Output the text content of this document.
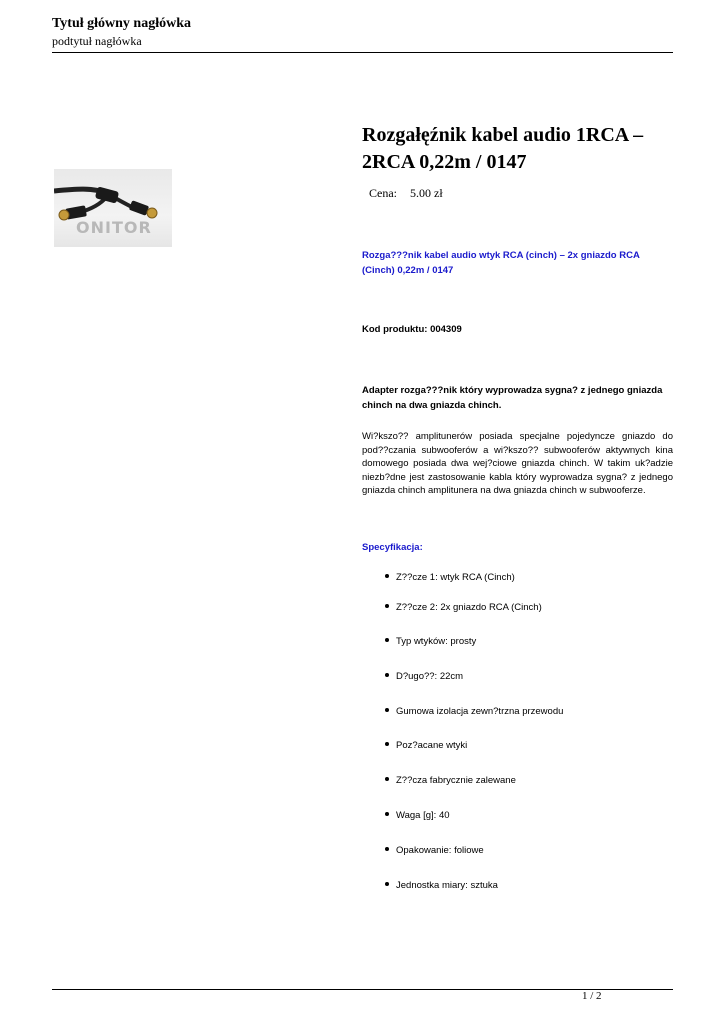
Tytuł główny nagłówka
podtytuł nagłówka
ONITOR
Rozgałęźnik kabel audio 1RCA – 2RCA 0,22m / 0147
Cena: 5.00 zł
Rozga???nik kabel audio wtyk RCA (cinch) – 2x gniazdo RCA (Cinch) 0,22m / 0147
Kod produktu: 004309
Adapter rozga???nik który wyprowadza sygna? z jednego gniazda chinch na dwa gniazda chinch.
Wi?kszo?? amplitunerów posiada specjalne pojedyncze gniazdo do pod??czania subwooferów a wi?kszo?? subwooferów aktywnych kina domowego posiada dwa wej?ciowe gniazda chinch. W takim uk?adzie niezb?dne jest zastosowanie kabla który wyprowadza sygna? z jednego gniazda chinch amplitunera na dwa gniazda chinch w subwooferze.
Specyfikacja:
Z??cze 1: wtyk RCA (Cinch)
Z??cze 2: 2x gniazdo RCA (Cinch)
Typ wtyków: prosty
D?ugo??: 22cm
Gumowa izolacja zewn?trzna przewodu
Poz?acane wtyki
Z??cza fabrycznie zalewane
Waga [g]: 40
Opakowanie: foliowe
Jednostka miary: sztuka
1 / 2
